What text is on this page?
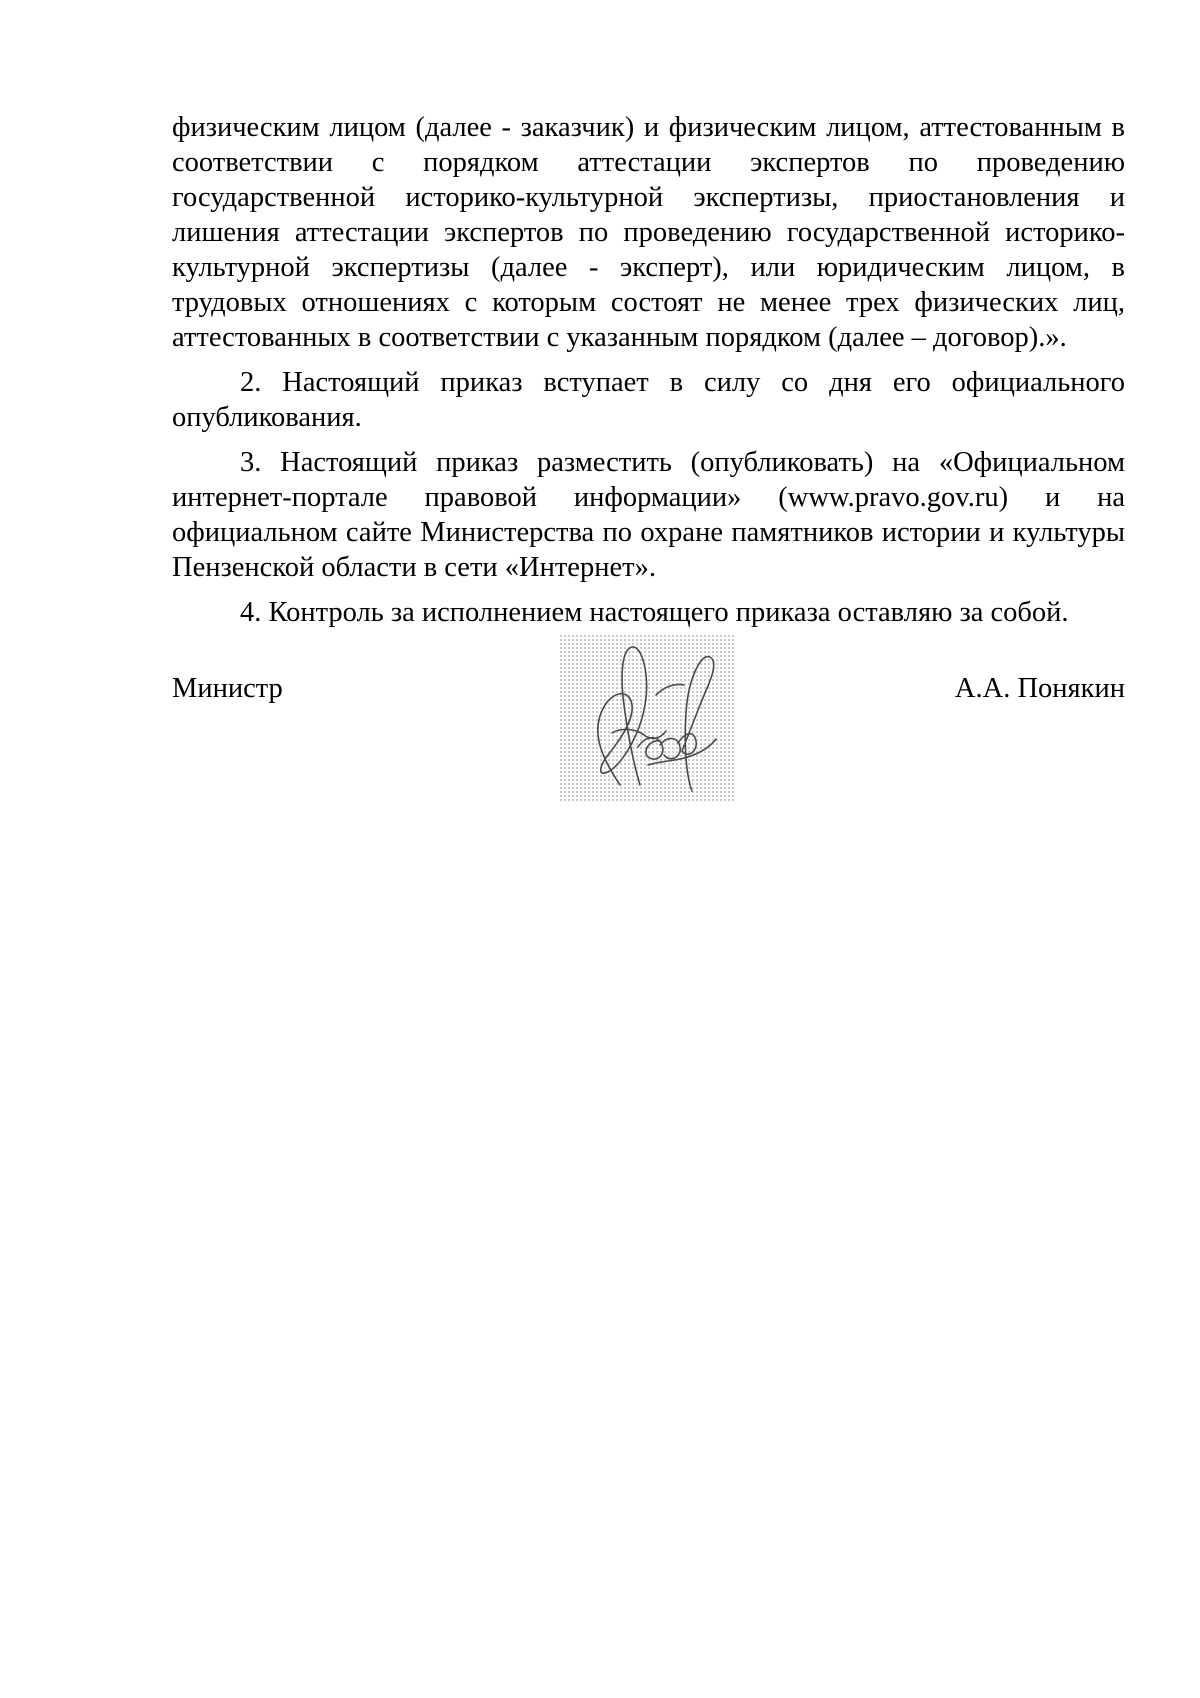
физическим лицом (далее - заказчик) и физическим лицом, аттестованным в соответствии с порядком аттестации экспертов по проведению государственной историко-культурной экспертизы, приостановления и лишения аттестации экспертов по проведению государственной историко-культурной экспертизы (далее - эксперт), или юридическим лицом, в трудовых отношениях с которым состоят не менее трех физических лиц, аттестованных в соответствии с указанным порядком (далее – договор).».

2. Настоящий приказ вступает в силу со дня его официального опубликования.

3. Настоящий приказ разместить (опубликовать) на «Официальном интернет-портале правовой информации» (www.pravo.gov.ru) и на официальном сайте Министерства по охране памятников истории и культуры Пензенской области в сети «Интернет».

4. Контроль за исполнением настоящего приказа оставляю за собой.

Министр	А.А. Понякин
